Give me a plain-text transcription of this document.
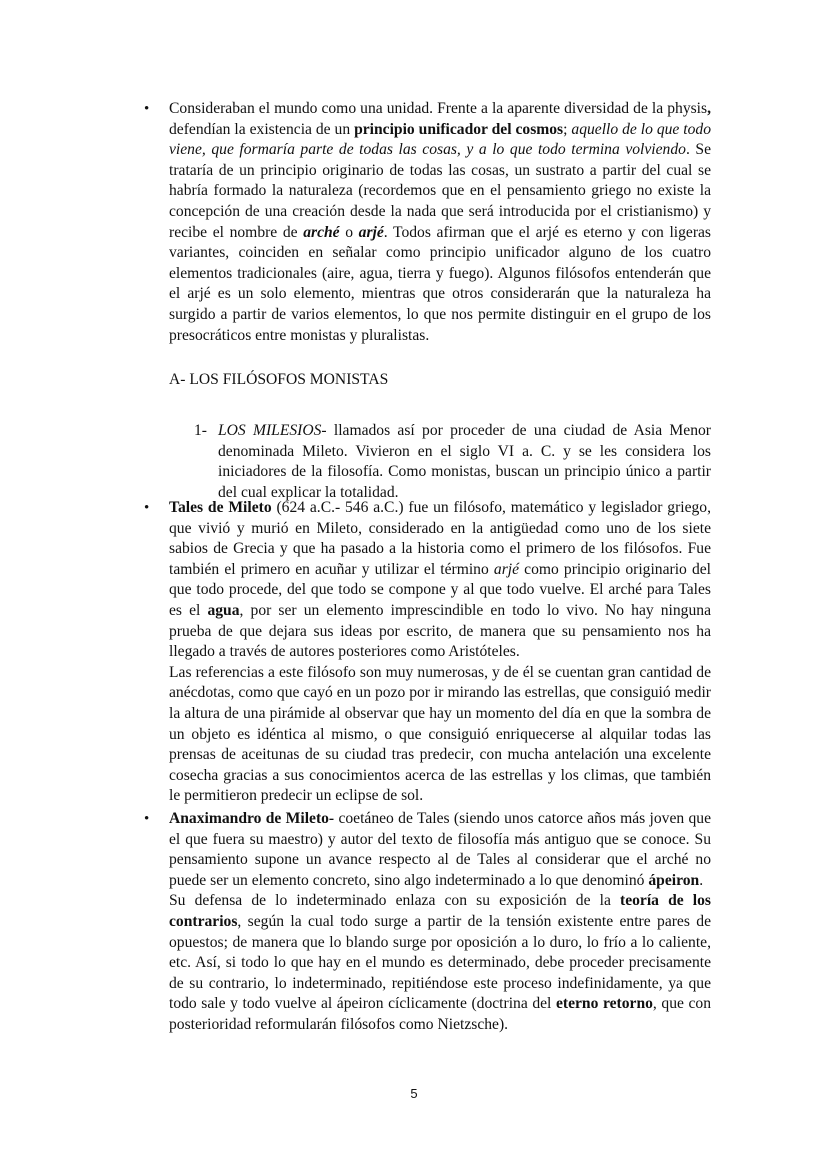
• Consideraban el mundo como una unidad. Frente a la aparente diversidad de la physis, defendían la existencia de un principio unificador del cosmos; aquello de lo que todo viene, que formaría parte de todas las cosas, y a lo que todo termina volviendo. Se trataría de un principio originario de todas las cosas, un sustrato a partir del cual se habría formado la naturaleza (recordemos que en el pensamiento griego no existe la concepción de una creación desde la nada que será introducida por el cristianismo) y recibe el nombre de arché o arjé. Todos afirman que el arjé es eterno y con ligeras variantes, coinciden en señalar como principio unificador alguno de los cuatro elementos tradicionales (aire, agua, tierra y fuego). Algunos filósofos entenderán que el arjé es un solo elemento, mientras que otros considerarán que la naturaleza ha surgido a partir de varios elementos, lo que nos permite distinguir en el grupo de los presocráticos entre monistas y pluralistas.

A- LOS FILÓSOFOS MONISTAS

1- LOS MILESIOS- llamados así por proceder de una ciudad de Asia Menor denominada Mileto. Vivieron en el siglo VI a. C. y se les considera los iniciadores de la filosofía. Como monistas, buscan un principio único a partir del cual explicar la totalidad.

• Tales de Mileto (624 a.C.- 546 a.C.) fue un filósofo, matemático y legislador griego, que vivió y murió en Mileto, considerado en la antigüedad como uno de los siete sabios de Grecia y que ha pasado a la historia como el primero de los filósofos. Fue también el primero en acuñar y utilizar el término arjé como principio originario del que todo procede, del que todo se compone y al que todo vuelve. El arché para Tales es el agua, por ser un elemento imprescindible en todo lo vivo. No hay ninguna prueba de que dejara sus ideas por escrito, de manera que su pensamiento nos ha llegado a través de autores posteriores como Aristóteles.

Las referencias a este filósofo son muy numerosas, y de él se cuentan gran cantidad de anécdotas, como que cayó en un pozo por ir mirando las estrellas, que consiguió medir la altura de una pirámide al observar que hay un momento del día en que la sombra de un objeto es idéntica al mismo, o que consiguió enriquecerse al alquilar todas las prensas de aceitunas de su ciudad tras predecir, con mucha antelación una excelente cosecha gracias a sus conocimientos acerca de las estrellas y los climas, que también le permitieron predecir un eclipse de sol.

• Anaximandro de Mileto- coetáneo de Tales (siendo unos catorce años más joven que el que fuera su maestro) y autor del texto de filosofía más antiguo que se conoce. Su pensamiento supone un avance respecto al de Tales al considerar que el arché no puede ser un elemento concreto, sino algo indeterminado a lo que denominó ápeiron.

Su defensa de lo indeterminado enlaza con su exposición de la teoría de los contrarios, según la cual todo surge a partir de la tensión existente entre pares de opuestos; de manera que lo blando surge por oposición a lo duro, lo frío a lo caliente, etc. Así, si todo lo que hay en el mundo es determinado, debe proceder precisamente de su contrario, lo indeterminado, repitiéndose este proceso indefinidamente, ya que todo sale y todo vuelve al ápeiron cíclicamente (doctrina del eterno retorno, que con posterioridad reformularán filósofos como Nietzsche).

5
